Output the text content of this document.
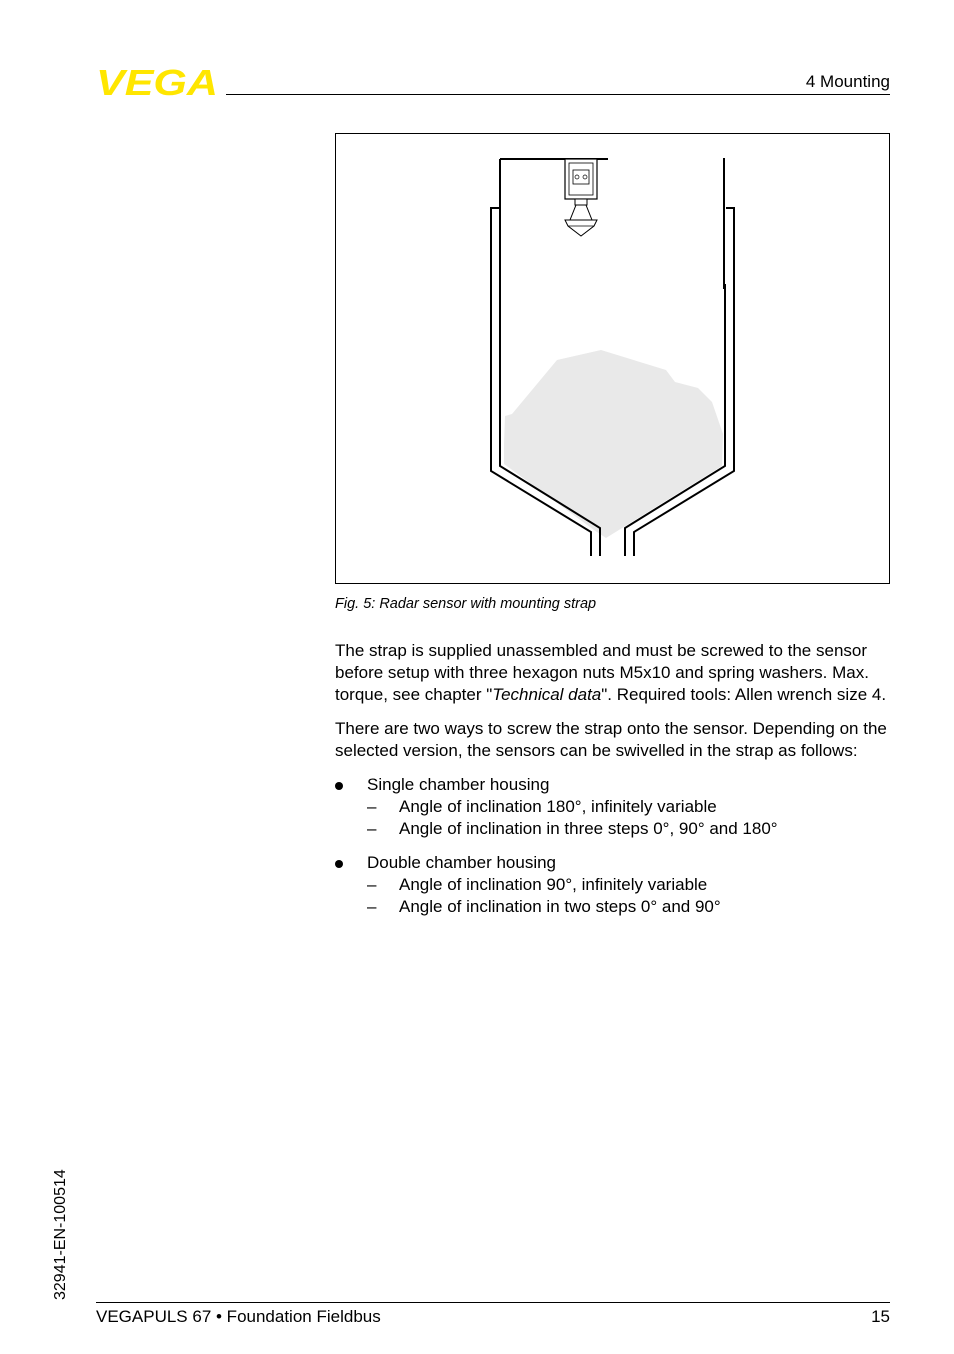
VEGA	4 Mounting
Fig. 5: Radar sensor with mounting strap

The strap is supplied unassembled and must be screwed to the sensor before setup with three hexagon nuts M5x10 and spring washers. Max. torque, see chapter "Technical data". Required tools: Allen wrench size 4.

There are two ways to screw the strap onto the sensor. Depending on the selected version, the sensors can be swivelled in the strap as follows:

Single chamber housing
– Angle of inclination 180°, infinitely variable
– Angle of inclination in three steps 0°, 90° and 180°
Double chamber housing
– Angle of inclination 90°, infinitely variable
– Angle of inclination in two steps 0° and 90°
32941-EN-100514
VEGAPULS 67 • Foundation Fieldbus	15
